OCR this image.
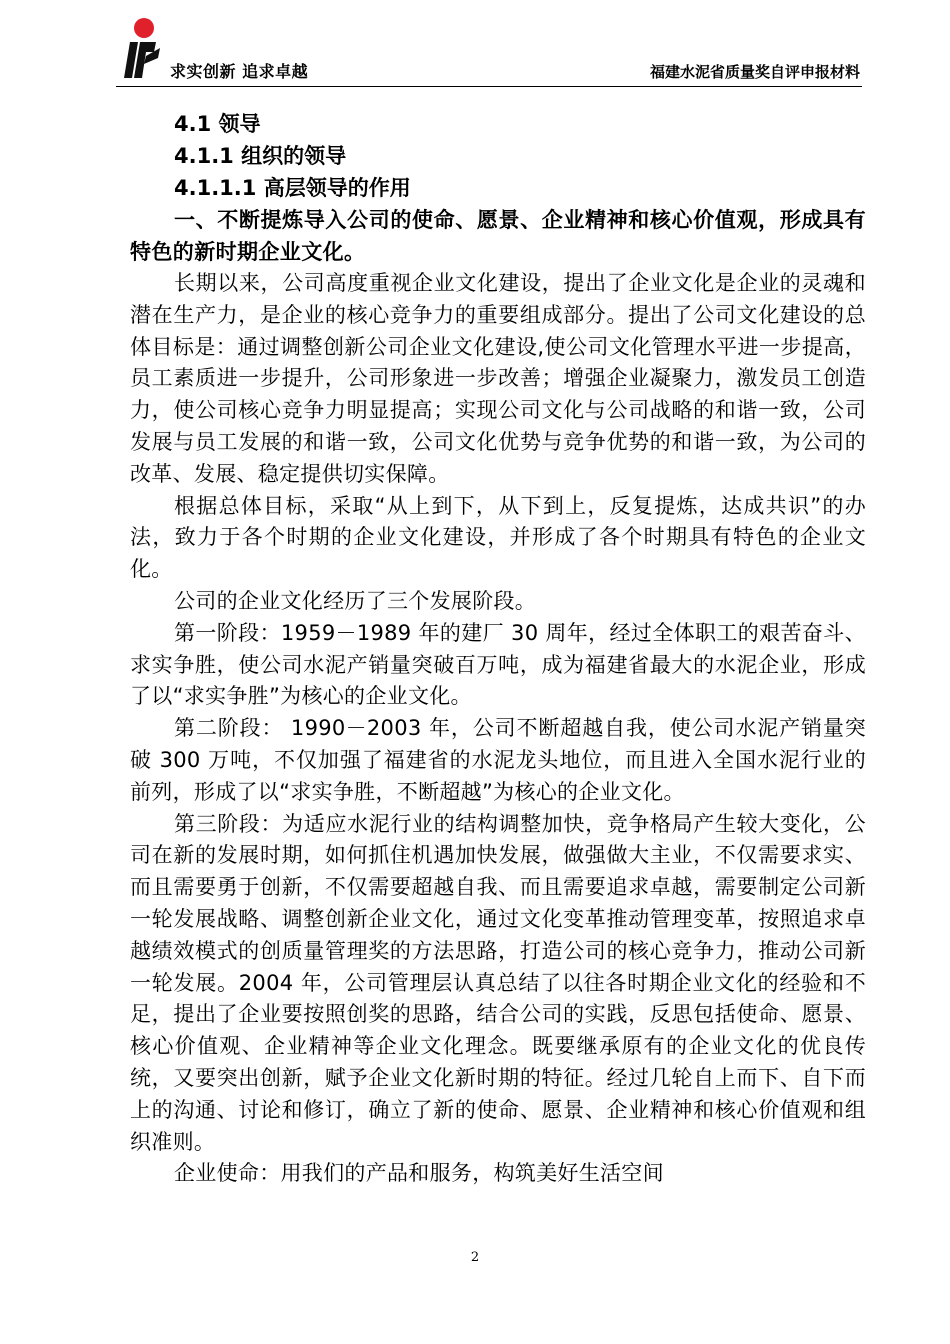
求实创新 追求卓越	福建水泥省质量奖自评申报材料
4.1 领导
4.1.1 组织的领导
4.1.1.1 高层领导的作用
一、不断提炼导入公司的使命、愿景、企业精神和核心价值观，形成具有特色的新时期企业文化。

长期以来，公司高度重视企业文化建设，提出了企业文化是企业的灵魂和潜在生产力，是企业的核心竞争力的重要组成部分。提出了公司文化建设的总体目标是：通过调整创新公司企业文化建设,使公司文化管理水平进一步提高，员工素质进一步提升，公司形象进一步改善；增强企业凝聚力，激发员工创造力，使公司核心竞争力明显提高；实现公司文化与公司战略的和谐一致，公司发展与员工发展的和谐一致，公司文化优势与竞争优势的和谐一致，为公司的改革、发展、稳定提供切实保障。

根据总体目标，采取“从上到下，从下到上，反复提炼，达成共识”的办法，致力于各个时期的企业文化建设，并形成了各个时期具有特色的企业文化。

公司的企业文化经历了三个发展阶段。

第一阶段：1959－1989 年的建厂 30 周年，经过全体职工的艰苦奋斗、求实争胜，使公司水泥产销量突破百万吨，成为福建省最大的水泥企业，形成了以“求实争胜”为核心的企业文化。

第二阶段： 1990－2003 年，公司不断超越自我，使公司水泥产销量突破 300 万吨，不仅加强了福建省的水泥龙头地位，而且进入全国水泥行业的前列，形成了以“求实争胜，不断超越”为核心的企业文化。

第三阶段：为适应水泥行业的结构调整加快，竞争格局产生较大变化，公司在新的发展时期，如何抓住机遇加快发展，做强做大主业，不仅需要求实、而且需要勇于创新，不仅需要超越自我、而且需要追求卓越，需要制定公司新一轮发展战略、调整创新企业文化，通过文化变革推动管理变革，按照追求卓越绩效模式的创质量管理奖的方法思路，打造公司的核心竞争力，推动公司新一轮发展。2004 年，公司管理层认真总结了以往各时期企业文化的经验和不足，提出了企业要按照创奖的思路，结合公司的实践，反思包括使命、愿景、核心价值观、企业精神等企业文化理念。既要继承原有的企业文化的优良传统，又要突出创新，赋予企业文化新时期的特征。经过几轮自上而下、自下而上的沟通、讨论和修订，确立了新的使命、愿景、企业精神和核心价值观和组织准则。

企业使命：用我们的产品和服务，构筑美好生活空间

2
